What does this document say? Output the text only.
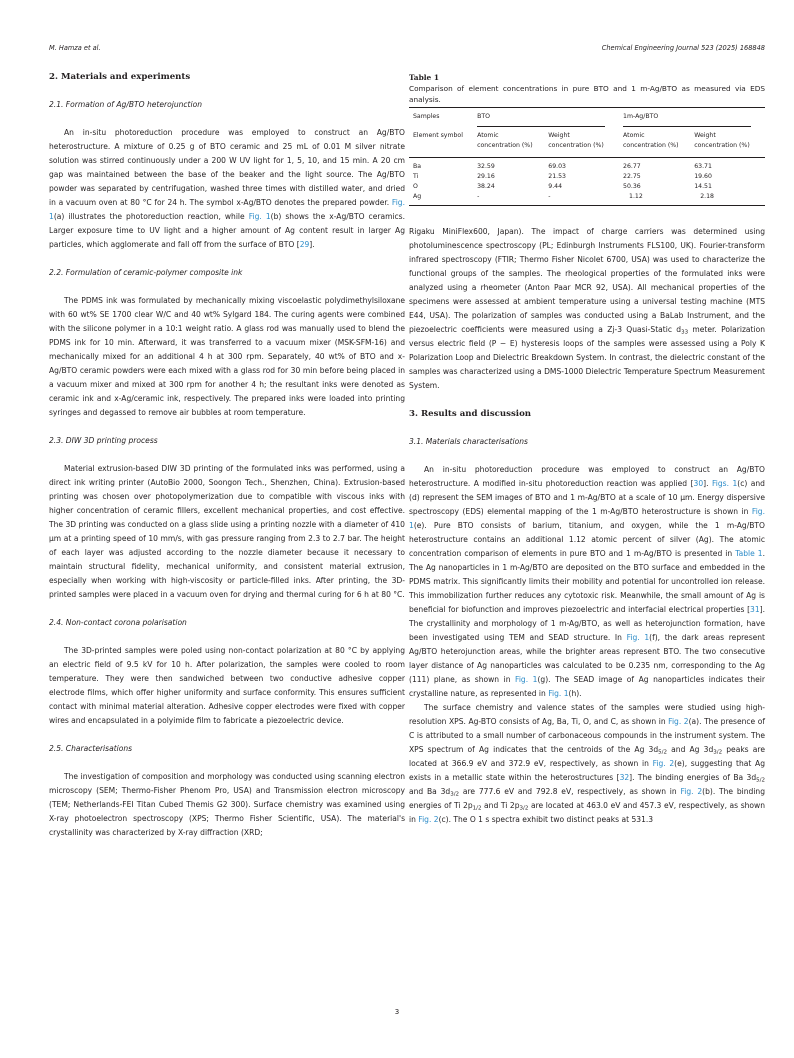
M. Hamza et al.	Chemical Engineering Journal 523 (2025) 168848
2. Materials and experiments
2.1. Formation of Ag/BTO heterojunction

An in-situ photoreduction procedure was employed to construct an Ag/BTO heterostructure. A mixture of 0.25 g of BTO ceramic and 25 mL of 0.01 M silver nitrate solution was stirred continuously under a 200 W UV light for 1, 5, 10, and 15 min. A 20 cm gap was maintained between the base of the beaker and the light source. The Ag/BTO powder was separated by centrifugation, washed three times with distilled water, and dried in a vacuum oven at 80 °C for 24 h. The symbol x-Ag/BTO denotes the prepared powder. Fig. 1(a) illustrates the photoreduction reaction, while Fig. 1(b) shows the x-Ag/BTO ceramics. Larger exposure time to UV light and a higher amount of Ag content result in larger Ag particles, which agglomerate and fall off from the surface of BTO [29].

2.2. Formulation of ceramic-polymer composite ink

The PDMS ink was formulated by mechanically mixing viscoelastic polydimethylsiloxane with 60 wt% SE 1700 clear W/C and 40 wt% Sylgard 184. The curing agents were combined with the silicone polymer in a 10:1 weight ratio. A glass rod was manually used to blend the PDMS ink for 10 min. Afterward, it was transferred to a vacuum mixer (MSK-SFM-16) and mechanically mixed for an additional 4 h at 300 rpm. Separately, 40 wt% of BTO and x-Ag/BTO ceramic powders were each mixed with a glass rod for 30 min before being placed in a vacuum mixer and mixed at 300 rpm for another 4 h; the resultant inks were denoted as ceramic ink and x-Ag/ceramic ink, respectively. The prepared inks were loaded into printing syringes and degassed to remove air bubbles at room temperature.

2.3. DIW 3D printing process

Material extrusion-based DIW 3D printing of the formulated inks was performed, using a direct ink writing printer (AutoBio 2000, Soongon Tech., Shenzhen, China). Extrusion-based printing was chosen over photopolymerization due to compatible with viscous inks with higher concentration of ceramic fillers, excellent mechanical properties, and cost effective. The 3D printing was conducted on a glass slide using a printing nozzle with a diameter of 410 μm at a printing speed of 10 mm/s, with gas pressure ranging from 2.3 to 2.7 bar. The height of each layer was adjusted according to the nozzle diameter because it necessary to maintain structural fidelity, mechanical uniformity, and consistent material extrusion, especially when working with high-viscosity or particle-filled inks. After printing, the 3D-printed samples were placed in a vacuum oven for drying and thermal curing for 6 h at 80 °C.

2.4. Non-contact corona polarisation

The 3D-printed samples were poled using non-contact polarization at 80 °C by applying an electric field of 9.5 kV for 10 h. After polarization, the samples were cooled to room temperature. They were then sandwiched between two conductive adhesive copper electrode films, which offer higher uniformity and surface conformity. This ensures sufficient contact with minimal material alteration. Adhesive copper electrodes were fixed with copper wires and encapsulated in a polyimide film to fabricate a piezoelectric device.

2.5. Characterisations

The investigation of composition and morphology was conducted using scanning electron microscopy (SEM; Thermo-Fisher Phenom Pro, USA) and Transmission electron microscopy (TEM; Netherlands-FEI Titan Cubed Themis G2 300). Surface chemistry was examined using X-ray photoelectron spectroscopy (XPS; Thermo Fisher Scientific, USA). The material's crystallinity was characterized by X-ray diffraction (XRD;

Table 1
Comparison of element concentrations in pure BTO and 1 m-Ag/BTO as measured via EDS analysis.
Samples	BTO		1m-Ag/BTO	

Element symbol	Atomic concentration (%)	Weight concentration (%)	Atomic concentration (%)	Weight concentration (%)
Ba	32.59	69.03	26.77	63.71
Ti	29.16	21.53	22.75	19.60
O	38.24	9.44	50.36	14.51
Ag	-	-	1.12	2.18

Rigaku MiniFlex600, Japan). The impact of charge carriers was determined using photoluminescence spectroscopy (PL; Edinburgh Instruments FLS100, UK). Fourier-transform infrared spectroscopy (FTIR; Thermo Fisher Nicolet 6700, USA) was used to characterize the functional groups of the samples. The rheological properties of the formulated inks were analyzed using a rheometer (Anton Paar MCR 92, USA). All mechanical properties of the specimens were assessed at ambient temperature using a universal testing machine (MTS E44, USA). The polarization of samples was conducted using a BaLab Instrument, and the piezoelectric coefficients were measured using a Zj-3 Quasi-Static $d_{33}$ meter. Polarization versus electric field (P − E) hysteresis loops of the samples were assessed using a Poly K Polarization Loop and Dielectric Breakdown System. In contrast, the dielectric constant of the samples was characterized using a DMS-1000 Dielectric Temperature Spectrum Measurement System.

3. Results and discussion
3.1. Materials characterisations

An in-situ photoreduction procedure was employed to construct an Ag/BTO heterostructure. A modified in-situ photoreduction reaction was applied [30]. Figs. 1(c) and (d) represent the SEM images of BTO and 1 m-Ag/BTO at a scale of 10 μm. Energy dispersive spectroscopy (EDS) elemental mapping of the 1 m-Ag/BTO heterostructure is shown in Fig. 1(e). Pure BTO consists of barium, titanium, and oxygen, while the 1 m-Ag/BTO heterostructure contains an additional 1.12 atomic percent of silver (Ag). The atomic concentration comparison of elements in pure BTO and 1 m-Ag/BTO is presented in Table 1. The Ag nanoparticles in 1 m-Ag/BTO are deposited on the BTO surface and embedded in the PDMS matrix. This significantly limits their mobility and potential for uncontrolled ion release. This immobilization further reduces any cytotoxic risk. Meanwhile, the small amount of Ag is beneficial for biofunction and improves piezoelectric and interfacial electrical properties [31]. The crystallinity and morphology of 1 m-Ag/BTO, as well as heterojunction formation, have been investigated using TEM and SEAD structure. In Fig. 1(f), the dark areas represent Ag/BTO heterojunction areas, while the brighter areas represent BTO. The two consecutive layer distance of Ag nanoparticles was calculated to be 0.235 nm, corresponding to the Ag (111) plane, as shown in Fig. 1(g). The SEAD image of Ag nanoparticles indicates their crystalline nature, as represented in Fig. 1(h).

The surface chemistry and valence states of the samples were studied using high-resolution XPS. Ag-BTO consists of Ag, Ba, Ti, O, and C, as shown in Fig. 2(a). The presence of C is attributed to a small number of carbonaceous compounds in the instrument system. The XPS spectrum of Ag indicates that the centroids of the Ag $3d_{5/2}$ and Ag $3d_{3/2}$ peaks are located at 366.9 eV and 372.9 eV, respectively, as shown in Fig. 2(e), suggesting that Ag exists in a metallic state within the heterostructures [32]. The binding energies of Ba $3d_{5/2}$ and Ba $3d_{3/2}$ are 777.6 eV and 792.8 eV, respectively, as shown in Fig. 2(b). The binding energies of Ti $2p_{1/2}$ and Ti $2p_{3/2}$ are located at 463.0 eV and 457.3 eV, respectively, as shown in Fig. 2(c). The O 1 s spectra exhibit two distinct peaks at 531.3

3
